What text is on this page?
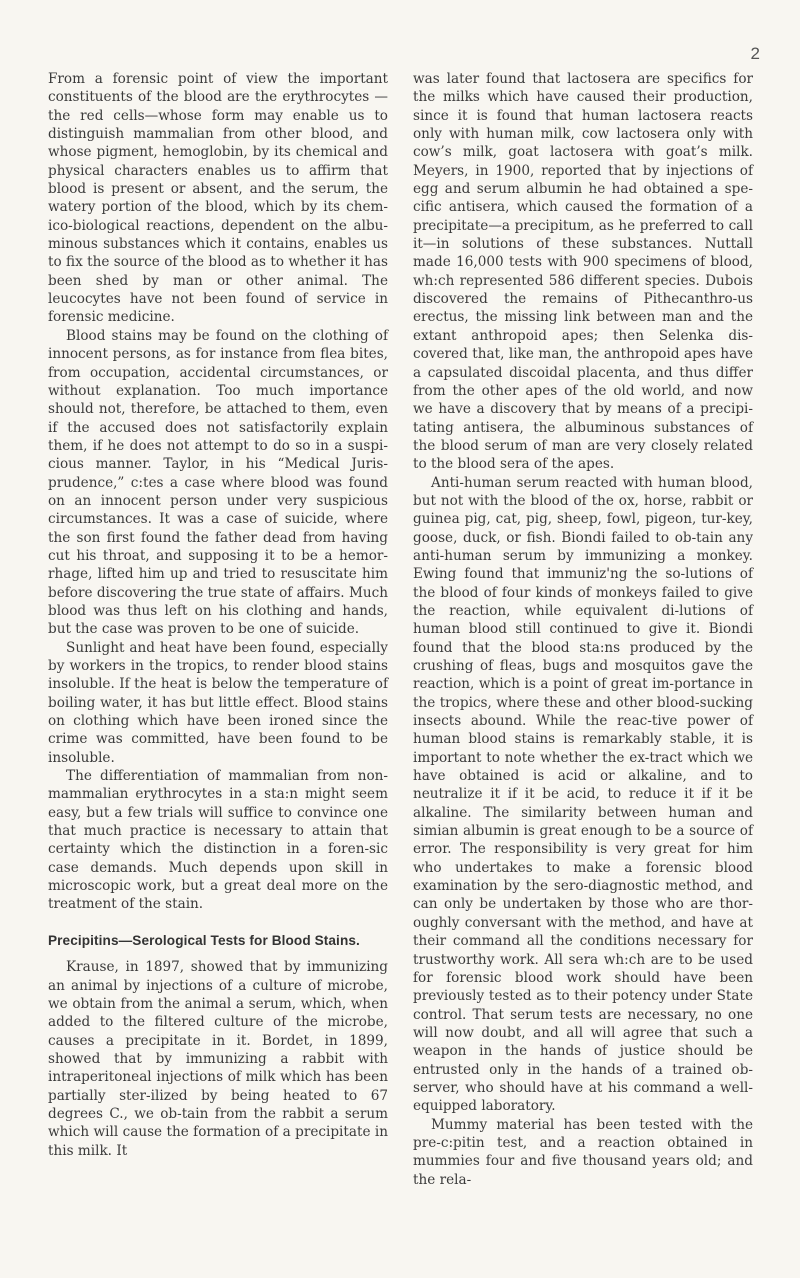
2

From a forensic point of view the important constituents of the blood are the erythrocytes —the red cells—whose form may enable us to distinguish mammalian from other blood, and whose pigment, hemoglobin, by its chemical and physical characters enables us to affirm that blood is present or absent, and the serum, the watery portion of the blood, which by its chem-ico-biological reactions, dependent on the albu-minous substances which it contains, enables us to fix the source of the blood as to whether it has been shed by man or other animal. The leucocytes have not been found of service in forensic medicine.

Blood stains may be found on the clothing of innocent persons, as for instance from flea bites, from occupation, accidental circumstances, or without explanation. Too much importance should not, therefore, be attached to them, even if the accused does not satisfactorily explain them, if he does not attempt to do so in a suspi-cious manner. Taylor, in his “Medical Juris-prudence,” c:tes a case where blood was found on an innocent person under very suspicious circumstances. It was a case of suicide, where the son first found the father dead from having cut his throat, and supposing it to be a hemor-rhage, lifted him up and tried to resuscitate him before discovering the true state of affairs. Much blood was thus left on his clothing and hands, but the case was proven to be one of suicide.

Sunlight and heat have been found, especially by workers in the tropics, to render blood stains insoluble. If the heat is below the temperature of boiling water, it has but little effect. Blood stains on clothing which have been ironed since the crime was committed, have been found to be insoluble.

The differentiation of mammalian from non-mammalian erythrocytes in a sta:n might seem easy, but a few trials will suffice to convince one that much practice is necessary to attain that certainty which the distinction in a foren-sic case demands. Much depends upon skill in microscopic work, but a great deal more on the treatment of the stain.

Precipitins—Serological Tests for Blood Stains.

Krause, in 1897, showed that by immunizing an animal by injections of a culture of microbe, we obtain from the animal a serum, which, when added to the filtered culture of the microbe, causes a precipitate in it. Bordet, in 1899, showed that by immunizing a rabbit with intraperitoneal injections of milk which has been partially ster-ilized by being heated to 67 degrees C., we ob-tain from the rabbit a serum which will cause the formation of a precipitate in this milk. It

was later found that lactosera are specifics for the milks which have caused their production, since it is found that human lactosera reacts only with human milk, cow lactosera only with cow’s milk, goat lactosera with goat’s milk. Meyers, in 1900, reported that by injections of egg and serum albumin he had obtained a spe-cific antisera, which caused the formation of a precipitate—a precipitum, as he preferred to call it—in solutions of these substances. Nuttall made 16,000 tests with 900 specimens of blood, wh:ch represented 586 different species. Dubois discovered the remains of Pithecanthro-us erectus, the missing link between man and the extant anthropoid apes; then Selenka dis-covered that, like man, the anthropoid apes have a capsulated discoidal placenta, and thus differ from the other apes of the old world, and now we have a discovery that by means of a precipi-tating antisera, the albuminous substances of the blood serum of man are very closely related to the blood sera of the apes.

Anti-human serum reacted with human blood, but not with the blood of the ox, horse, rabbit or guinea pig, cat, pig, sheep, fowl, pigeon, tur-key, goose, duck, or fish. Biondi failed to ob-tain any anti-human serum by immunizing a monkey. Ewing found that immuniz'ng the so-lutions of the blood of four kinds of monkeys failed to give the reaction, while equivalent di-lutions of human blood still continued to give it. Biondi found that the blood sta:ns produced by the crushing of fleas, bugs and mosquitos gave the reaction, which is a point of great im-portance in the tropics, where these and other blood-sucking insects abound. While the reac-tive power of human blood stains is remarkably stable, it is important to note whether the ex-tract which we have obtained is acid or alkaline, and to neutralize it if it be acid, to reduce it if it be alkaline. The similarity between human and simian albumin is great enough to be a source of error. The responsibility is very great for him who undertakes to make a forensic blood examination by the sero-diagnostic method, and can only be undertaken by those who are thor-oughly conversant with the method, and have at their command all the conditions necessary for trustworthy work. All sera wh:ch are to be used for forensic blood work should have been previously tested as to their potency under State control. That serum tests are necessary, no one will now doubt, and all will agree that such a weapon in the hands of justice should be entrusted only in the hands of a trained ob-server, who should have at his command a well-equipped laboratory.

Mummy material has been tested with the pre-c:pitin test, and a reaction obtained in mummies four and five thousand years old; and the rela-
